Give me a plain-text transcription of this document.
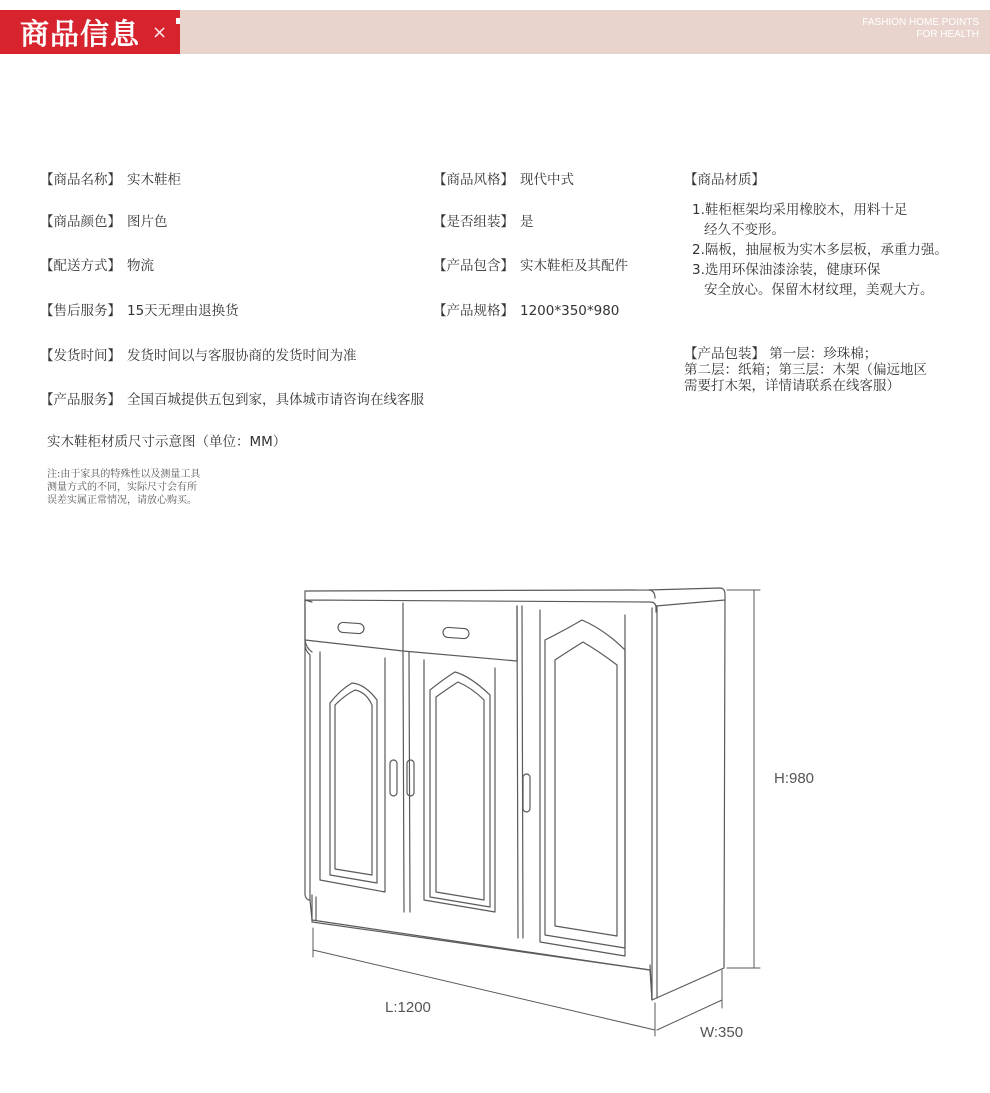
商品信息 ×	FASHION HOME POINTS
FOR HEALTH
【商品名称】 实木鞋柜
【商品颜色】 图片色
【配送方式】 物流
【售后服务】 15天无理由退换货
【发货时间】 发货时间以与客服协商的发货时间为准
【产品服务】 全国百城提供五包到家，具体城市请咨询在线客服
【商品风格】 现代中式
【是否组装】 是
【产品包含】 实木鞋柜及其配件
【产品规格】 1200*350*980
【商品材质】
1.鞋柜框架均采用橡胶木，用料十足
经久不变形。
2.隔板，抽屉板为实木多层板，承重力强。
3.选用环保油漆涂装，健康环保
安全放心。保留木材纹理，美观大方。
【产品包装】 第一层：珍珠棉；
第二层：纸箱；第三层：木架（偏远地区
需要打木架，详情请联系在线客服）
实木鞋柜材质尺寸示意图（单位：MM）
注:由于家具的特殊性以及测量工具
测量方式的不同，实际尺寸会有所
误差实属正常情况，请放心购买。
H:980
L:1200
W:350
